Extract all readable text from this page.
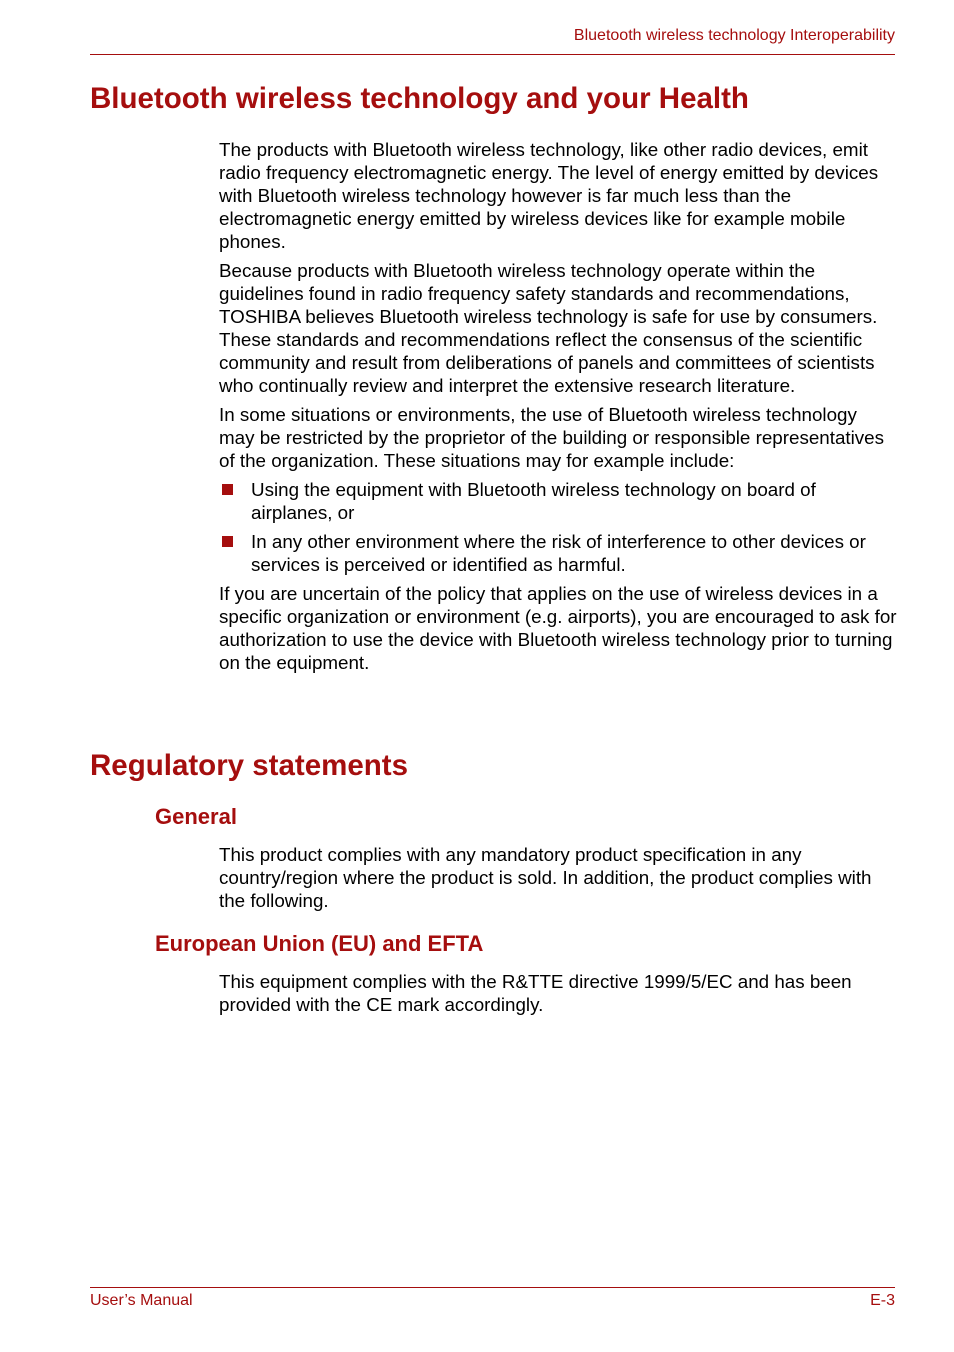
Bluetooth wireless technology Interoperability
Bluetooth wireless technology and your Health

The products with Bluetooth wireless technology, like other radio devices, emit radio frequency electromagnetic energy. The level of energy emitted by devices with Bluetooth wireless technology however is far much less than the electromagnetic energy emitted by wireless devices like for example mobile phones.

Because products with Bluetooth wireless technology operate within the guidelines found in radio frequency safety standards and recommendations, TOSHIBA believes Bluetooth wireless technology is safe for use by consumers. These standards and recommendations reflect the consensus of the scientific community and result from deliberations of panels and committees of scientists who continually review and interpret the extensive research literature.

In some situations or environments, the use of Bluetooth wireless technology may be restricted by the proprietor of the building or responsible representatives of the organization. These situations may for example include:

Using the equipment with Bluetooth wireless technology on board of airplanes, or
In any other environment where the risk of interference to other devices or services is perceived or identified as harmful.

If you are uncertain of the policy that applies on the use of wireless devices in a specific organization or environment (e.g. airports), you are encouraged to ask for authorization to use the device with Bluetooth wireless technology prior to turning on the equipment.

Regulatory statements
General

This product complies with any mandatory product specification in any country/region where the product is sold. In addition, the product complies with the following.

European Union (EU) and EFTA

This equipment complies with the R&TTE directive 1999/5/EC and has been provided with the CE mark accordingly.

User’s Manual	E-3
